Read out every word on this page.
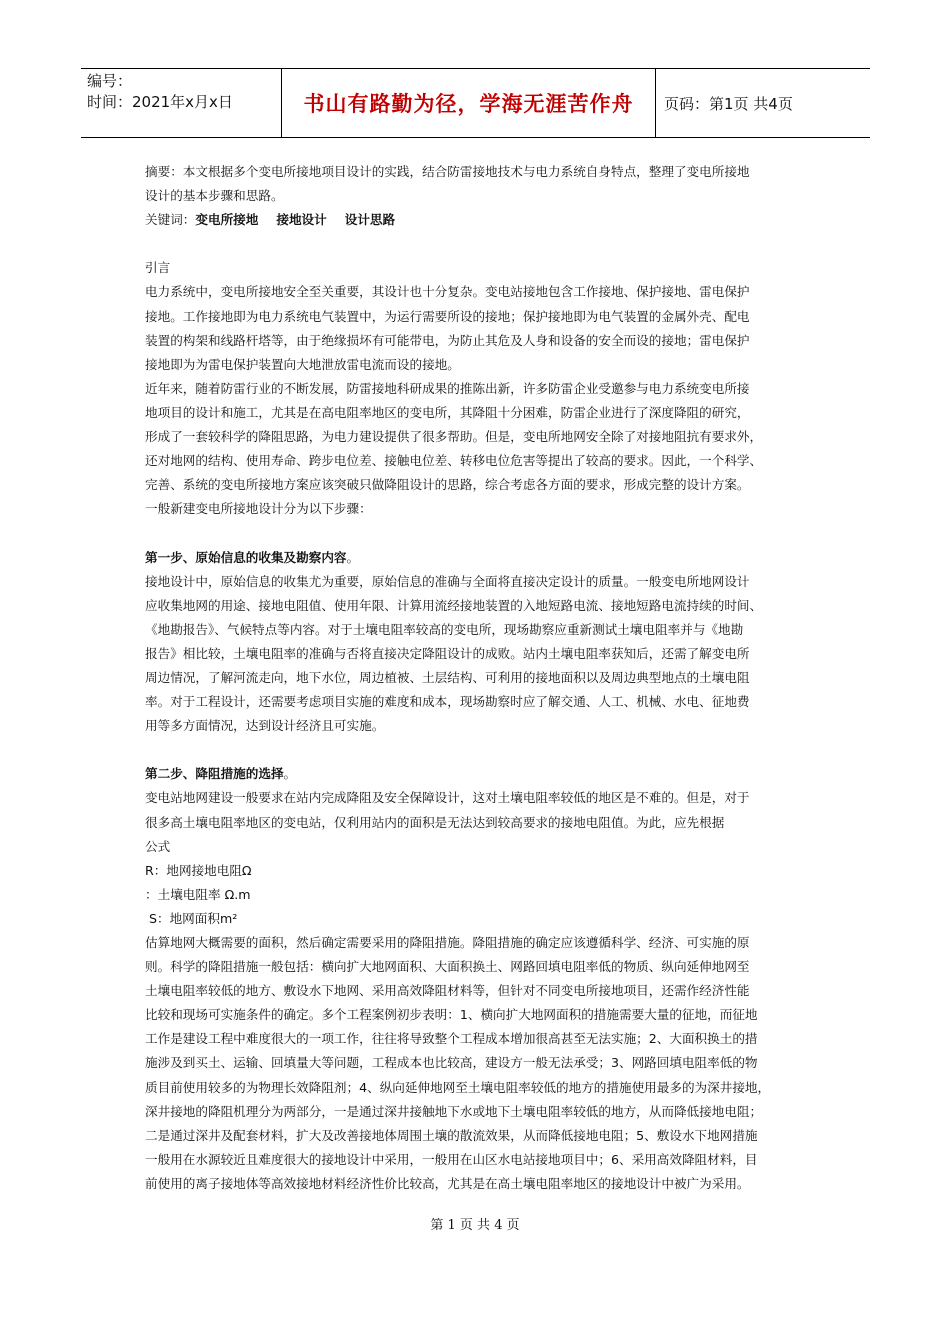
编号：
时间：2021年x月x日	书山有路勤为径，学海无涯苦作舟 页码：第1页 共4页

摘要：本文根据多个变电所接地项目设计的实践，结合防雷接地技术与电力系统自身特点，整理了变电所接地

设计的基本步骤和思路。

关键词：变电所接地 接地设计 设计思路

引言

电力系统中，变电所接地安全至关重要，其设计也十分复杂。变电站接地包含工作接地、保护接地、雷电保护

接地。工作接地即为电力系统电气装置中，为运行需要所设的接地；保护接地即为电气装置的金属外壳、配电

装置的构架和线路杆塔等，由于绝缘损坏有可能带电，为防止其危及人身和设备的安全而设的接地；雷电保护

接地即为为雷电保护装置向大地泄放雷电流而设的接地。

近年来，随着防雷行业的不断发展，防雷接地科研成果的推陈出新，许多防雷企业受邀参与电力系统变电所接

地项目的设计和施工，尤其是在高电阻率地区的变电所，其降阻十分困难，防雷企业进行了深度降阻的研究，

形成了一套较科学的降阻思路，为电力建设提供了很多帮助。但是，变电所地网安全除了对接地阻抗有要求外，

还对地网的结构、使用寿命、跨步电位差、接触电位差、转移电位危害等提出了较高的要求。因此，一个科学、

完善、系统的变电所接地方案应该突破只做降阻设计的思路，综合考虑各方面的要求，形成完整的设计方案。

一般新建变电所接地设计分为以下步骤：

第一步、原始信息的收集及勘察内容。

接地设计中，原始信息的收集尤为重要，原始信息的准确与全面将直接决定设计的质量。一般变电所地网设计

应收集地网的用途、接地电阻值、使用年限、计算用流经接地装置的入地短路电流、接地短路电流持续的时间、

《地勘报告》、气候特点等内容。对于土壤电阻率较高的变电所，现场勘察应重新测试土壤电阻率并与《地勘

报告》相比较，土壤电阻率的准确与否将直接决定降阻设计的成败。站内土壤电阻率获知后，还需了解变电所

周边情况，了解河流走向，地下水位，周边植被、土层结构、可利用的接地面积以及周边典型地点的土壤电阻

率。对于工程设计，还需要考虑项目实施的难度和成本，现场勘察时应了解交通、人工、机械、水电、征地费

用等多方面情况，达到设计经济且可实施。

第二步、降阻措施的选择。

变电站地网建设一般要求在站内完成降阻及安全保障设计，这对土壤电阻率较低的地区是不难的。但是，对于

很多高土壤电阻率地区的变电站，仅利用站内的面积是无法达到较高要求的接地电阻值。为此，应先根据

公式

R：地网接地电阻Ω

：土壤电阻率 Ω.m

S：地网面积m²

估算地网大概需要的面积，然后确定需要采用的降阻措施。降阻措施的确定应该遵循科学、经济、可实施的原

则。科学的降阻措施一般包括：横向扩大地网面积、大面积换土、网路回填电阻率低的物质、纵向延伸地网至

土壤电阻率较低的地方、敷设水下地网、采用高效降阻材料等，但针对不同变电所接地项目，还需作经济性能

比较和现场可实施条件的确定。多个工程案例初步表明：1、横向扩大地网面积的措施需要大量的征地，而征地

工作是建设工程中难度很大的一项工作，往往将导致整个工程成本增加很高甚至无法实施；2、大面积换土的措

施涉及到买土、运输、回填量大等问题，工程成本也比较高，建设方一般无法承受；3、网路回填电阻率低的物

质目前使用较多的为物理长效降阻剂；4、纵向延伸地网至土壤电阻率较低的地方的措施使用最多的为深井接地，

深井接地的降阻机理分为两部分，一是通过深井接触地下水或地下土壤电阻率较低的地方，从而降低接地电阻；

二是通过深井及配套材料，扩大及改善接地体周围土壤的散流效果，从而降低接地电阻；5、敷设水下地网措施

一般用在水源较近且难度很大的接地设计中采用，一般用在山区水电站接地项目中；6、采用高效降阻材料，目

前使用的离子接地体等高效接地材料经济性价比较高，尤其是在高土壤电阻率地区的接地设计中被广为采用。

第 1 页 共 4 页
